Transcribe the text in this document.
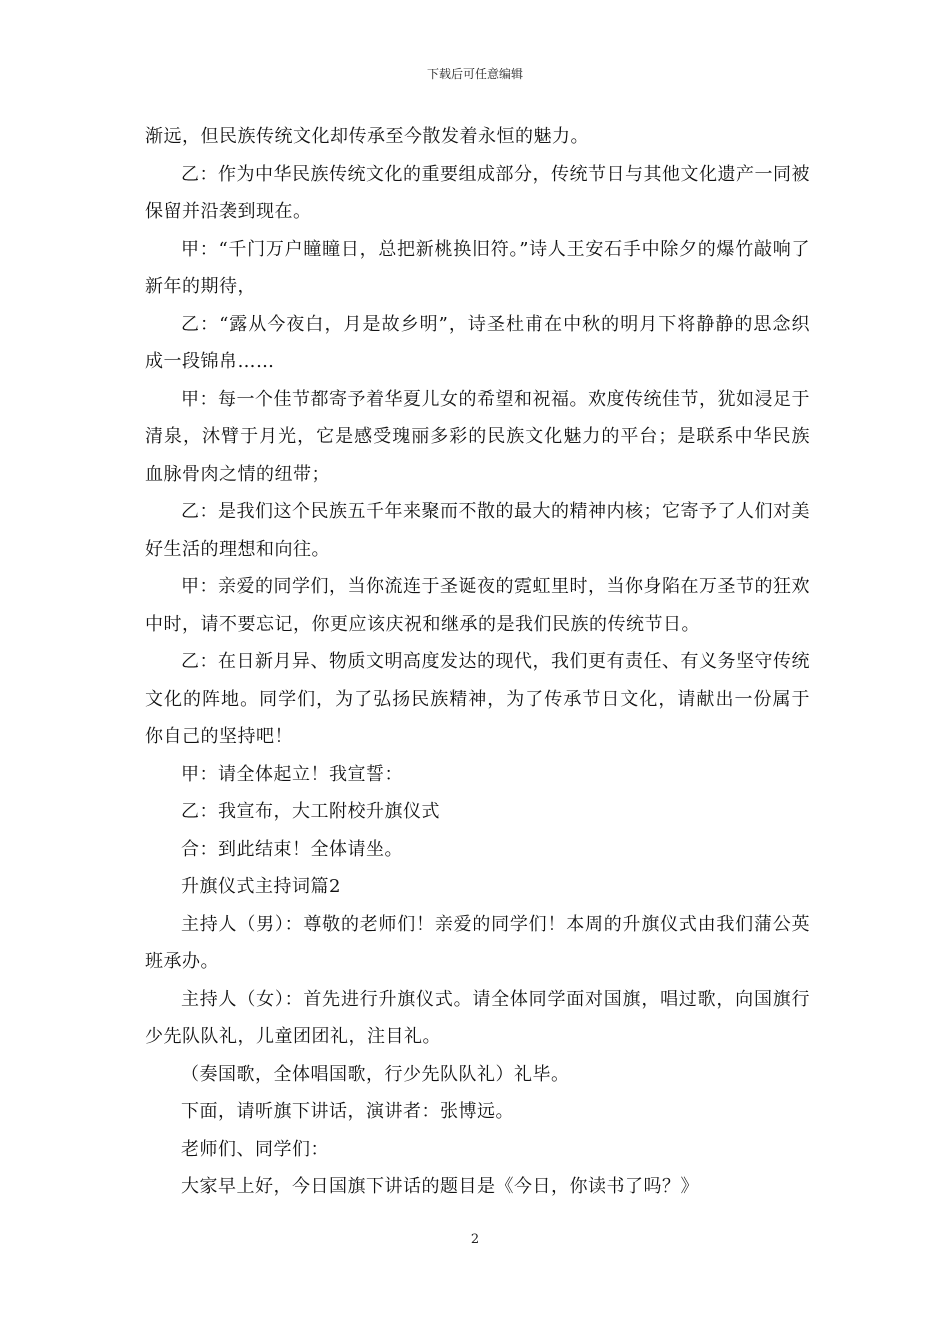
下载后可任意编辑

渐远，但民族传统文化却传承至今散发着永恒的魅力。

乙：作为中华民族传统文化的重要组成部分，传统节日与其他文化遗产一同被保留并沿袭到现在。

甲：“千门万户瞳瞳日，总把新桃换旧符。”诗人王安石手中除夕的爆竹敲响了新年的期待，

乙：“露从今夜白，月是故乡明”，诗圣杜甫在中秋的明月下将静静的思念织成一段锦帛……

甲：每一个佳节都寄予着华夏儿女的希望和祝福。欢度传统佳节，犹如浸足于清泉，沐臂于月光，它是感受瑰丽多彩的民族文化魅力的平台；是联系中华民族血脉骨肉之情的纽带；

乙：是我们这个民族五千年来聚而不散的最大的精神内核；它寄予了人们对美好生活的理想和向往。

甲：亲爱的同学们，当你流连于圣诞夜的霓虹里时，当你身陷在万圣节的狂欢中时，请不要忘记，你更应该庆祝和继承的是我们民族的传统节日。

乙：在日新月异、物质文明高度发达的现代，我们更有责任、有义务坚守传统文化的阵地。同学们，为了弘扬民族精神，为了传承节日文化，请献出一份属于你自己的坚持吧！

甲：请全体起立！我宣誓：

乙：我宣布，大工附校升旗仪式

合：到此结束！全体请坐。

升旗仪式主持词篇2

主持人（男）：尊敬的老师们！亲爱的同学们！本周的升旗仪式由我们蒲公英班承办。

主持人（女）：首先进行升旗仪式。请全体同学面对国旗，唱过歌，向国旗行少先队队礼，儿童团团礼，注目礼。

（奏国歌，全体唱国歌，行少先队队礼）礼毕。

下面，请听旗下讲话，演讲者：张博远。

老师们、同学们：

大家早上好，今日国旗下讲话的题目是《今日，你读书了吗？》

2
